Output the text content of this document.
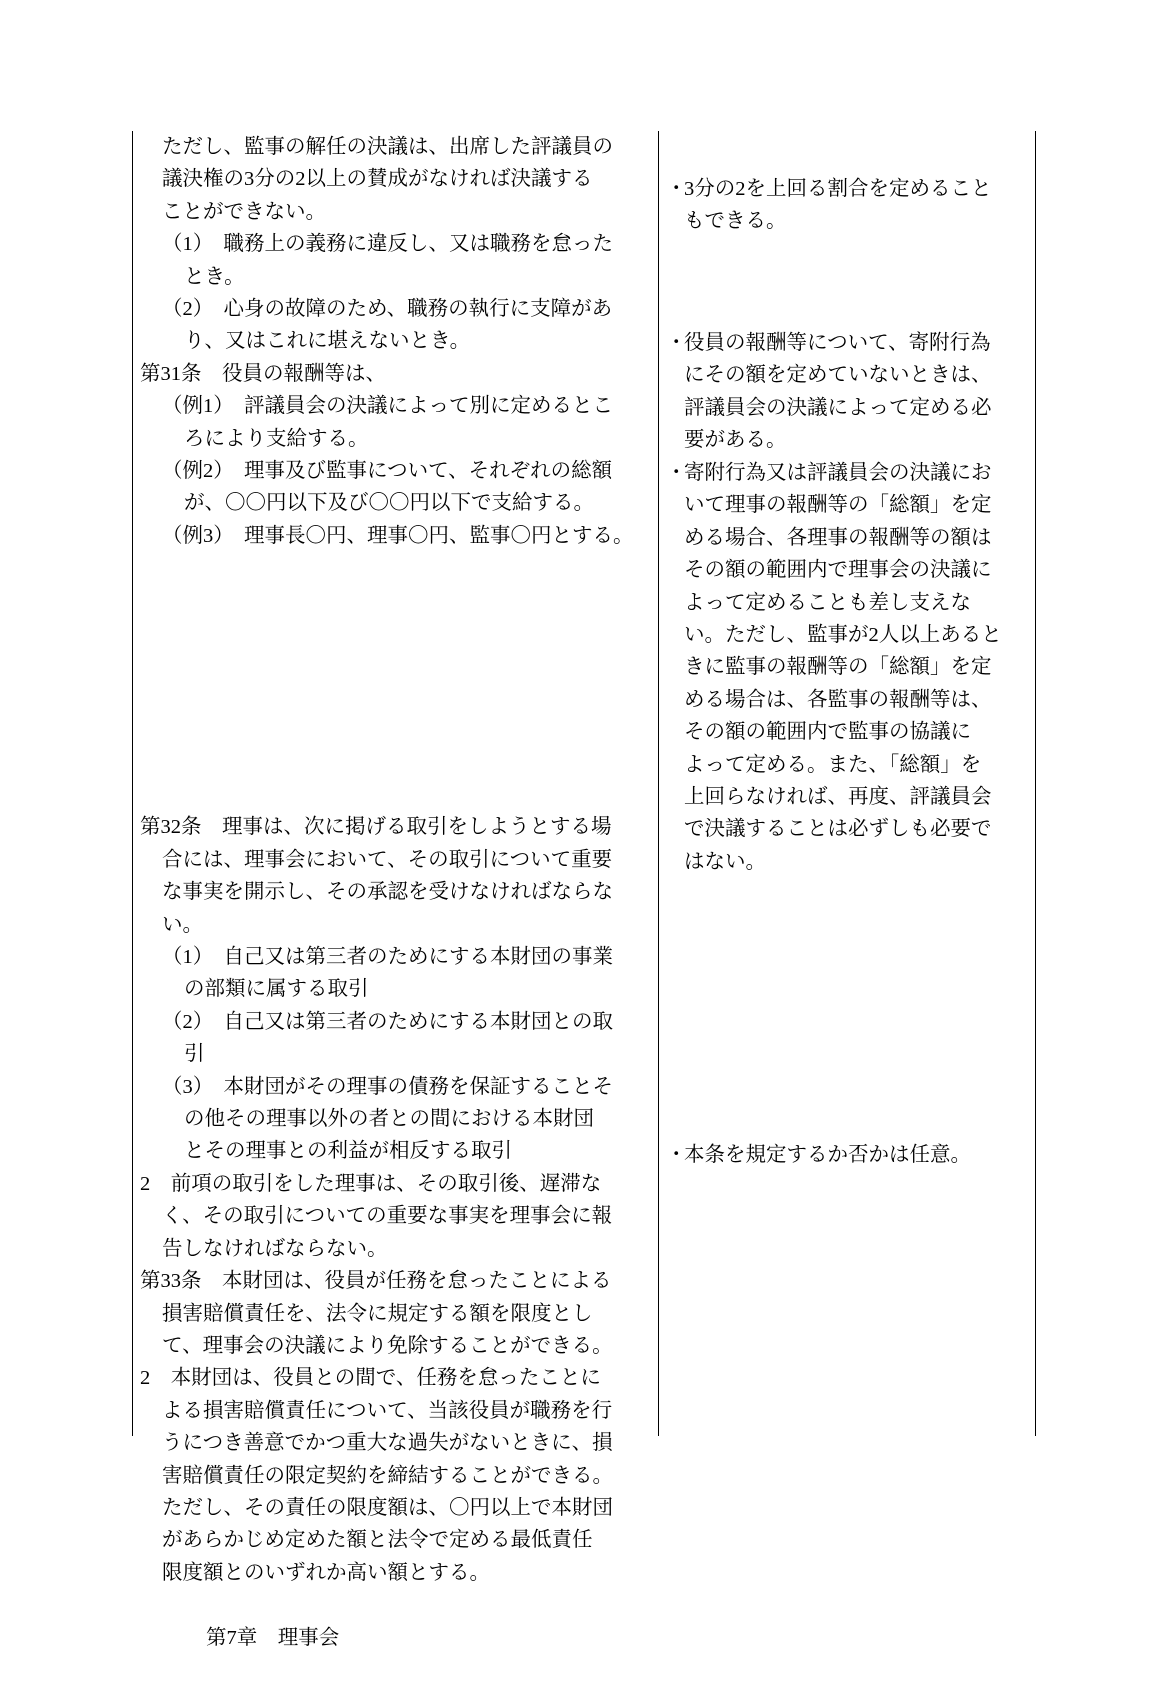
ただし、監事の解任の決議は、出席した評議員の
議決権の3分の2以上の賛成がなければ決議する
ことができない。
（1）　職務上の義務に違反し、又は職務を怠った
とき。
（2）　心身の故障のため、職務の執行に支障があ
り、又はこれに堪えないとき。
第31条　役員の報酬等は、
（例1）　評議員会の決議によって別に定めるとこ
ろにより支給する。
（例2）　理事及び監事について、それぞれの総額
が、〇〇円以下及び〇〇円以下で支給する。
（例3）　理事長〇円、理事〇円、監事〇円とする。

第32条　理事は、次に掲げる取引をしようとする場
合には、理事会において、その取引について重要
な事実を開示し、その承認を受けなければならな
い。
（1）　自己又は第三者のためにする本財団の事業
の部類に属する取引
（2）　自己又は第三者のためにする本財団との取
引
（3）　本財団がその理事の債務を保証することそ
の他その理事以外の者との間における本財団
とその理事との利益が相反する取引
2　前項の取引をした理事は、その取引後、遅滞な
く、その取引についての重要な事実を理事会に報
告しなければならない。
第33条　本財団は、役員が任務を怠ったことによる
損害賠償責任を、法令に規定する額を限度とし
て、理事会の決議により免除することができる。
2　本財団は、役員との間で、任務を怠ったことに
よる損害賠償責任について、当該役員が職務を行
うにつき善意でかつ重大な過失がないときに、損
害賠償責任の限定契約を締結することができる。
ただし、その責任の限度額は、〇円以上で本財団
があらかじめ定めた額と法令で定める最低責任
限度額とのいずれか高い額とする。

第7章　理事会
・
3分の2を上回る割合を定めること
もできる。
・
役員の報酬等について、寄附行為
にその額を定めていないときは、
評議員会の決議によって定める必
要がある。
・
寄附行為又は評議員会の決議にお
いて理事の報酬等の「総額」を定
める場合、各理事の報酬等の額は
その額の範囲内で理事会の決議に
よって定めることも差し支えな
い。ただし、監事が2人以上あると
きに監事の報酬等の「総額」を定
める場合は、各監事の報酬等は、
その額の範囲内で監事の協議に
よって定める。また、「総額」を
上回らなければ、再度、評議員会
で決議することは必ずしも必要で
はない。
・
本条を規定するか否かは任意。
